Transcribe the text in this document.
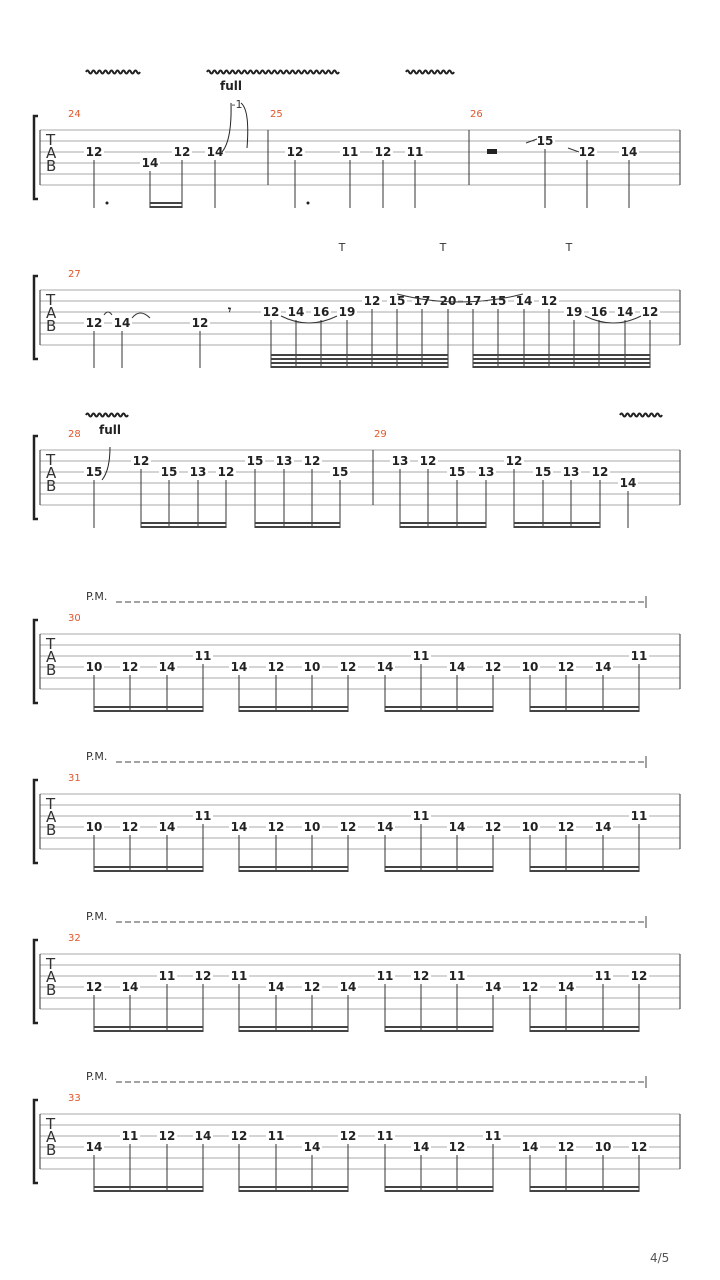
T
A
B
24
12
14
12 14
25
12	11 12 11
26
15
12 14
T
A
B
27
12 14	12
12 14 16 19
12 15 17 20 17 15 14 12
19 16 14 12
T
A
B
28
15
12
15 13 12
15 13 12
15
29
13 12
15 13
12
15 13 12
14
T
A
B
30
10 12 14
11
14 12 10 12 14
11
14 12 10 12 14
11
T
A
B
31
10 12 14
11
14 12 10 12 14
11
14 12 10 12 14
11
T
A
B
32
12 14
11 12 11
14 12 14
11 12 11
14 12 14
11 12
T
A
B
33
14
11 12 14 12 11
14
12 11
14 12
11
14 12 10 12
full
-1
T	T	T
𝄾
full
P.M.
P.M.
P.M.
P.M.
4/5
